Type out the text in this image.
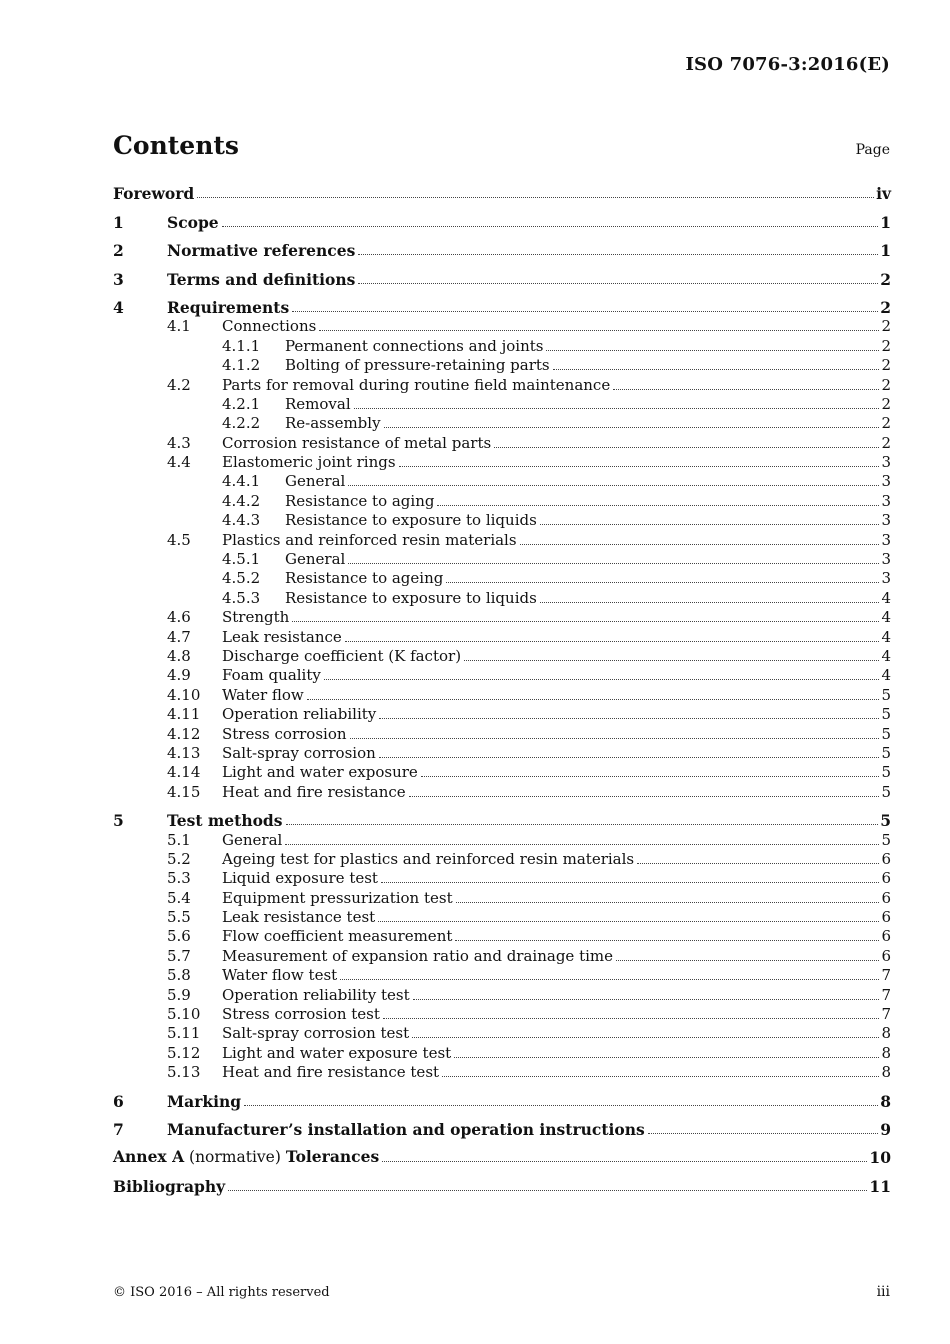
ISO 7076-3:2016(E)
Contents	Page
Foreword	iv
1	Scope	1
2	Normative references	1
3	Terms and definitions	2
4	Requirements	2
4.1	Connections	2
4.1.1	Permanent connections and joints	2
4.1.2	Bolting of pressure-retaining parts	2
4.2	Parts for removal during routine field maintenance	2
4.2.1	Removal	2
4.2.2	Re-assembly	2
4.3	Corrosion resistance of metal parts	2
4.4	Elastomeric joint rings	3
4.4.1	General	3
4.4.2	Resistance to aging	3
4.4.3	Resistance to exposure to liquids	3
4.5	Plastics and reinforced resin materials	3
4.5.1	General	3
4.5.2	Resistance to ageing	3
4.5.3	Resistance to exposure to liquids	4
4.6	Strength	4
4.7	Leak resistance	4
4.8	Discharge coefficient (K factor)	4
4.9	Foam quality	4
4.10	Water flow	5
4.11	Operation reliability	5
4.12	Stress corrosion	5
4.13	Salt-spray corrosion	5
4.14	Light and water exposure	5
4.15	Heat and fire resistance	5
5	Test methods	5
5.1	General	5
5.2	Ageing test for plastics and reinforced resin materials	6
5.3	Liquid exposure test	6
5.4	Equipment pressurization test	6
5.5	Leak resistance test	6
5.6	Flow coefficient measurement	6
5.7	Measurement of expansion ratio and drainage time	6
5.8	Water flow test	7
5.9	Operation reliability test	7
5.10	Stress corrosion test	7
5.11	Salt-spray corrosion test	8
5.12	Light and water exposure test	8
5.13	Heat and fire resistance test	8
6	Marking	8
7	Manufacturer’s installation and operation instructions	9
Annex A (normative) Tolerances	10
Bibliography	11
© ISO 2016 – All rights reserved	iii
